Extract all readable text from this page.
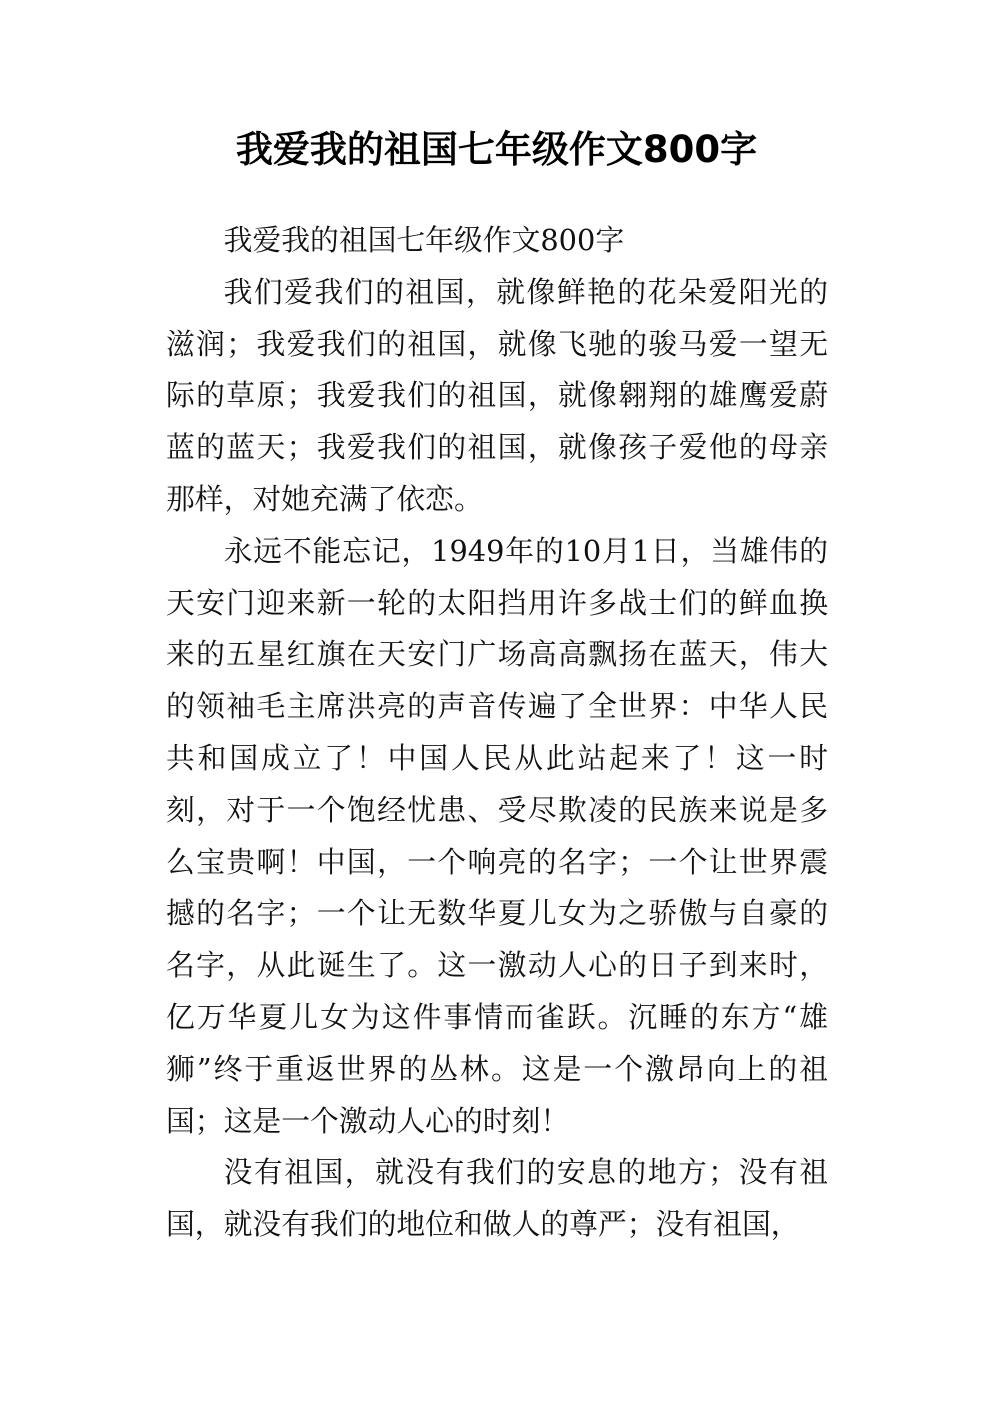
我爱我的祖国七年级作文800字

我爱我的祖国七年级作文800字

我们爱我们的祖国，就像鲜艳的花朵爱阳光的滋润；我爱我们的祖国，就像飞驰的骏马爱一望无际的草原；我爱我们的祖国，就像翱翔的雄鹰爱蔚蓝的蓝天；我爱我们的祖国，就像孩子爱他的母亲那样，对她充满了依恋。

永远不能忘记，1949年的10月1日，当雄伟的天安门迎来新一轮的太阳挡用许多战士们的鲜血换来的五星红旗在天安门广场高高飘扬在蓝天，伟大的领袖毛主席洪亮的声音传遍了全世界：中华人民共和国成立了！中国人民从此站起来了！这一时刻，对于一个饱经忧患、受尽欺凌的民族来说是多么宝贵啊！中国，一个响亮的名字；一个让世界震撼的名字；一个让无数华夏儿女为之骄傲与自豪的名字，从此诞生了。这一激动人心的日子到来时，亿万华夏儿女为这件事情而雀跃。沉睡的东方“雄狮”终于重返世界的丛林。这是一个激昂向上的祖国；这是一个激动人心的时刻！

没有祖国，就没有我们的安息的地方；没有祖国，就没有我们的地位和做人的尊严；没有祖国，
